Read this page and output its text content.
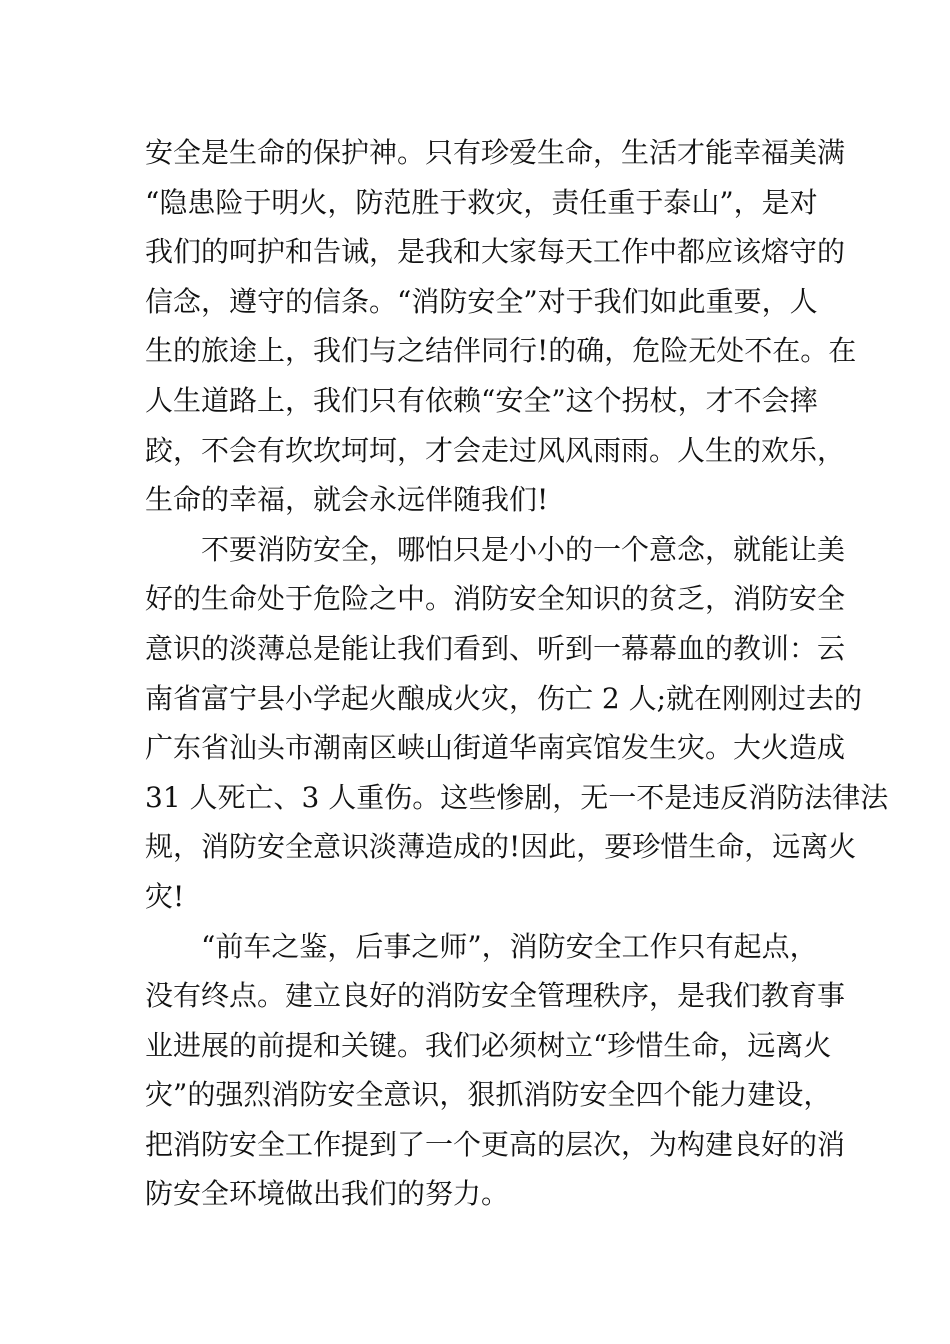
安全是生命的保护神。只有珍爱生命，生活才能幸福美满
“隐患险于明火，防范胜于救灾，责任重于泰山”，是对
我们的呵护和告诫，是我和大家每天工作中都应该熔守的
信念，遵守的信条。“消防安全”对于我们如此重要，人
生的旅途上，我们与之结伴同行!的确，危险无处不在。在
人生道路上，我们只有依赖“安全”这个拐杖，才不会摔
跤，不会有坎坎坷坷，才会走过风风雨雨。人生的欢乐，
生命的幸福，就会永远伴随我们!
不要消防安全，哪怕只是小小的一个意念，就能让美
好的生命处于危险之中。消防安全知识的贫乏，消防安全
意识的淡薄总是能让我们看到、听到一幕幕血的教训：云
南省富宁县小学起火酿成火灾，伤亡 2 人;就在刚刚过去的
广东省汕头市潮南区峡山街道华南宾馆发生灾。大火造成
31 人死亡、3 人重伤。这些惨剧，无一不是违反消防法律法
规，消防安全意识淡薄造成的!因此，要珍惜生命，远离火
灾!
“前车之鉴，后事之师”，消防安全工作只有起点，
没有终点。建立良好的消防安全管理秩序，是我们教育事
业进展的前提和关键。我们必须树立“珍惜生命，远离火
灾”的强烈消防安全意识，狠抓消防安全四个能力建设，
把消防安全工作提到了一个更高的层次，为构建良好的消
防安全环境做出我们的努力。
